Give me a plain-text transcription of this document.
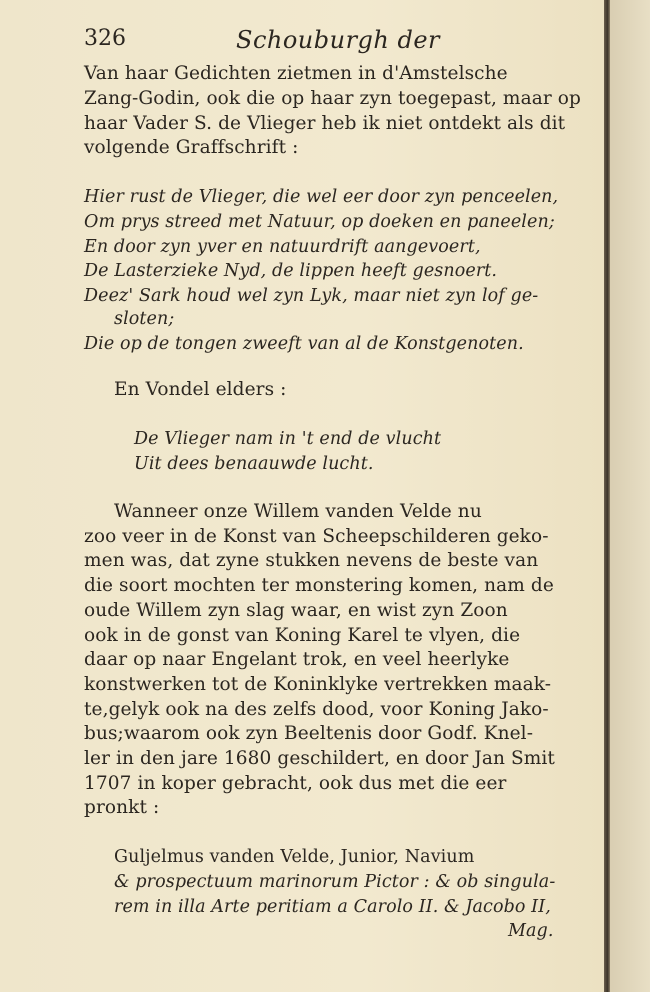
326	Schouburgh der
Van haar Gedichten zietmen in d'Amstelsche
Zang-Godin, ook die op haar zyn toegepast, maar op
haar Vader S. de Vlieger heb ik niet ontdekt als dit
volgende Graffschrift :
Hier rust de Vlieger, die wel eer door zyn penceelen,
Om prys streed met Natuur, op doeken en paneelen;
En door zyn yver en natuurdrift aangevoert,
De Lasterzieke Nyd, de lippen heeft gesnoert.
Deez' Sark houd wel zyn Lyk, maar niet zyn lof ge-
sloten;
Die op de tongen zweeft van al de Konstgenoten.
En Vondel elders :
De Vlieger nam in 't end de vlucht
Uit dees benaauwde lucht.
Wanneer onze Willem vanden Velde nu
zoo veer in de Konst van Scheepschilderen geko-
men was, dat zyne stukken nevens de beste van
die soort mochten ter monstering komen, nam de
oude Willem zyn slag waar, en wist zyn Zoon
ook in de gonst van Koning Karel te vlyen, die
daar op naar Engelant trok, en veel heerlyke
konstwerken tot de Koninklyke vertrekken maak-
te,gelyk ook na des zelfs dood, voor Koning Jako-
bus;waarom ook zyn Beeltenis door Godf. Knel-
ler in den jare 1680 geschildert, en door Jan Smit
1707 in koper gebracht, ook dus met die eer
pronkt :
Guljelmus vanden Velde, Junior, Navium
& prospectuum marinorum Pictor : & ob singula-
rem in illa Arte peritiam a Carolo II. & Jacobo II,
Mag.
